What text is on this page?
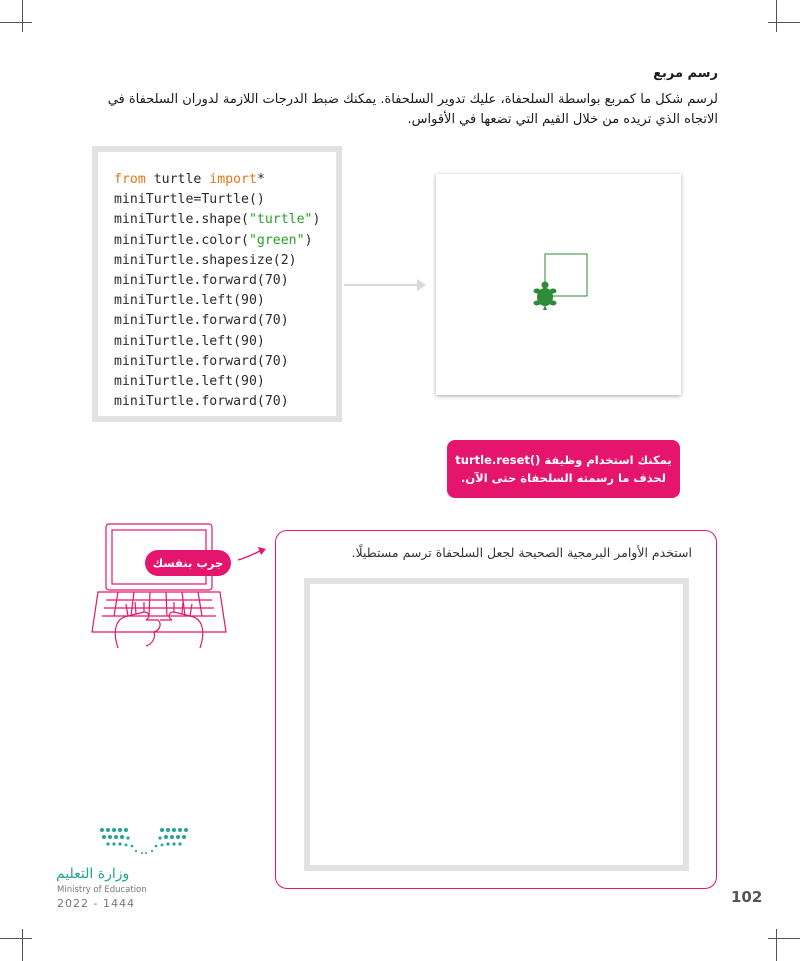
رسم مربع
لرسم شكل ما كمربع بواسطة السلحفاة، عليك تدوير السلحفاة. يمكنك ضبط الدرجات اللازمة لدوران السلحفاة في الاتجاه الذي تريده من خلال القيم التي تضعها في الأقواس.
from turtle import*
miniTurtle=Turtle()
miniTurtle.shape("turtle")
miniTurtle.color("green")
miniTurtle.shapesize(2)
miniTurtle.forward(70)
miniTurtle.left(90)
miniTurtle.forward(70)
miniTurtle.left(90)
miniTurtle.forward(70)
miniTurtle.left(90)
miniTurtle.forward(70)
يمكنك استخدام وظيفة ()turtle.reset
لحذف ما رسمته السلحفاة حتى الآن.
جرب بنفسك
استخدم الأوامر البرمجية الصحيحة لجعل السلحفاة ترسم مستطيلًا.
وزارة التعليم
Ministry of Education
2022 - 1444	102
